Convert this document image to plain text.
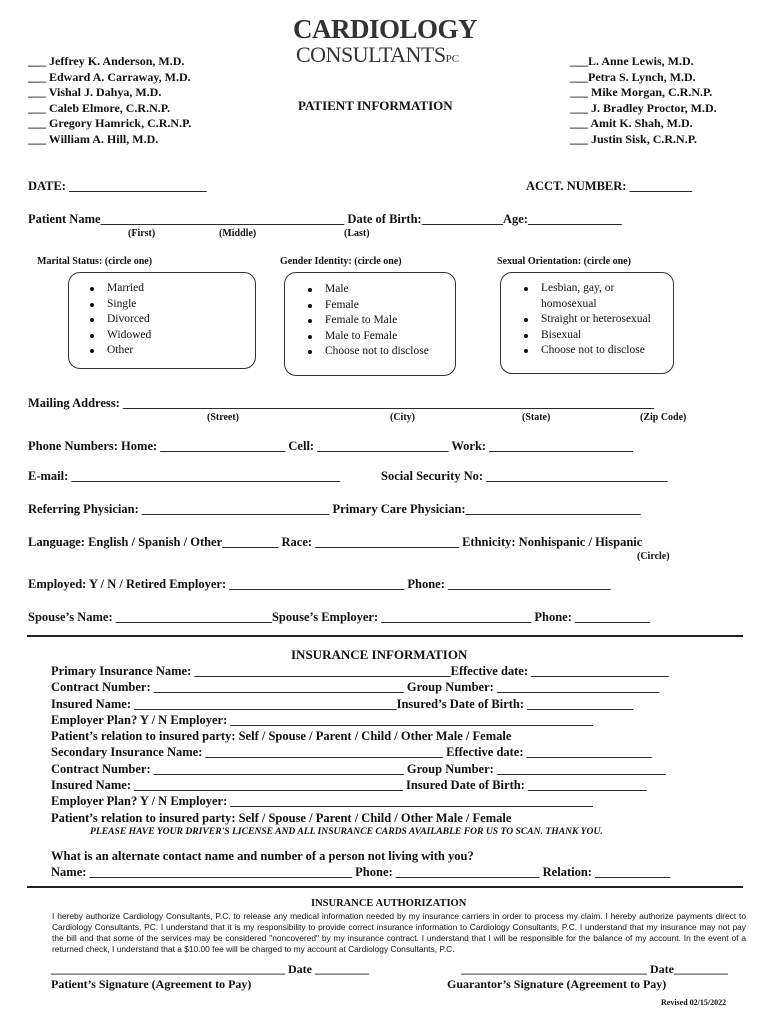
CARDIOLOGY
CONSULTANTSPC
___ Jeffrey K. Anderson, M.D.
___ Edward A. Carraway, M.D.
___ Vishal J. Dahya, M.D.
___ Caleb Elmore, C.R.N.P.
___ Gregory Hamrick, C.R.N.P.
___ William A. Hill, M.D.
___L. Anne Lewis, M.D.
___Petra S. Lynch, M.D.
___ Mike Morgan, C.R.N.P.
___ J. Bradley Proctor, M.D.
___ Amit K. Shah, M.D.
___ Justin Sisk, C.R.N.P.
PATIENT INFORMATION
DATE: ______________________	ACCT. NUMBER: __________
Patient Name_______________________________________ Date of Birth:_____________Age:_______________
(First)	(Middle)	(Last)
Marital Status: (circle one)	Gender Identity: (circle one)	Sexual Orientation: (circle one)
Married
Single
Divorced
Widowed
Other
Male
Female
Female to Male
Male to Female
Choose not to disclose
Lesbian, gay, or homosexual
Straight or heterosexual
Bisexual
Choose not to disclose
Mailing Address: _____________________________________________________________________________________
(Street)	(City)	(State)	(Zip Code)
Phone Numbers: Home: ____________________ Cell: _____________________ Work: _______________________
E-mail: ___________________________________________	Social Security No: _____________________________
Referring Physician: ______________________________ Primary Care Physician:____________________________
Language: English / Spanish / Other_________ Race: _______________________ Ethnicity: Nonhispanic / Hispanic
(Circle)
Employed: Y / N / Retired Employer: ____________________________ Phone: __________________________
Spouse’s Name: _________________________Spouse’s Employer: ________________________ Phone: ____________
INSURANCE INFORMATION
Primary Insurance Name: _________________________________________Effective date: ______________________
Contract Number: ________________________________________ Group Number: __________________________
Insured Name: __________________________________________Insured’s Date of Birth: _________________
Employer Plan? Y / N Employer: __________________________________________________________
Patient’s relation to insured party: Self / Spouse / Parent / Child / Other Male / Female
Secondary Insurance Name: ______________________________________ Effective date: ____________________
Contract Number: ________________________________________ Group Number: ___________________________
Insured Name: ___________________________________________ Insured Date of Birth: ___________________
Employer Plan? Y / N Employer: __________________________________________________________
Patient’s relation to insured party: Self / Spouse / Parent / Child / Other Male / Female
PLEASE HAVE YOUR DRIVER'S LICENSE AND ALL INSURANCE CARDS AVAILABLE FOR US TO SCAN. THANK YOU.
What is an alternate contact name and number of a person not living with you?
Name: __________________________________________ Phone: _______________________ Relation: ____________
INSURANCE AUTHORIZATION
I hereby authorize Cardiology Consultants, P.C. to release any medical information needed by my insurance carriers in order to process my claim. I hereby authorize payments direct to Cardiology Consultants, PC. I understand that it is my responsibility to provide correct insurance information to Cardiology Consultants, P.C. I understand that my insurance may not pay the bill and that some of the services may be considered "noncovered" by my insurance contract. I understand that I will be responsible for the balance of my account. In the event of a returned check, I understand that a $10.00 fee will be charged to my account at Cardiology Consultants, P.C.
_______________________________________ Date _________	_______________________________ Date_________
Patient’s Signature (Agreement to Pay)	Guarantor’s Signature (Agreement to Pay)
Revised 02/15/2022
